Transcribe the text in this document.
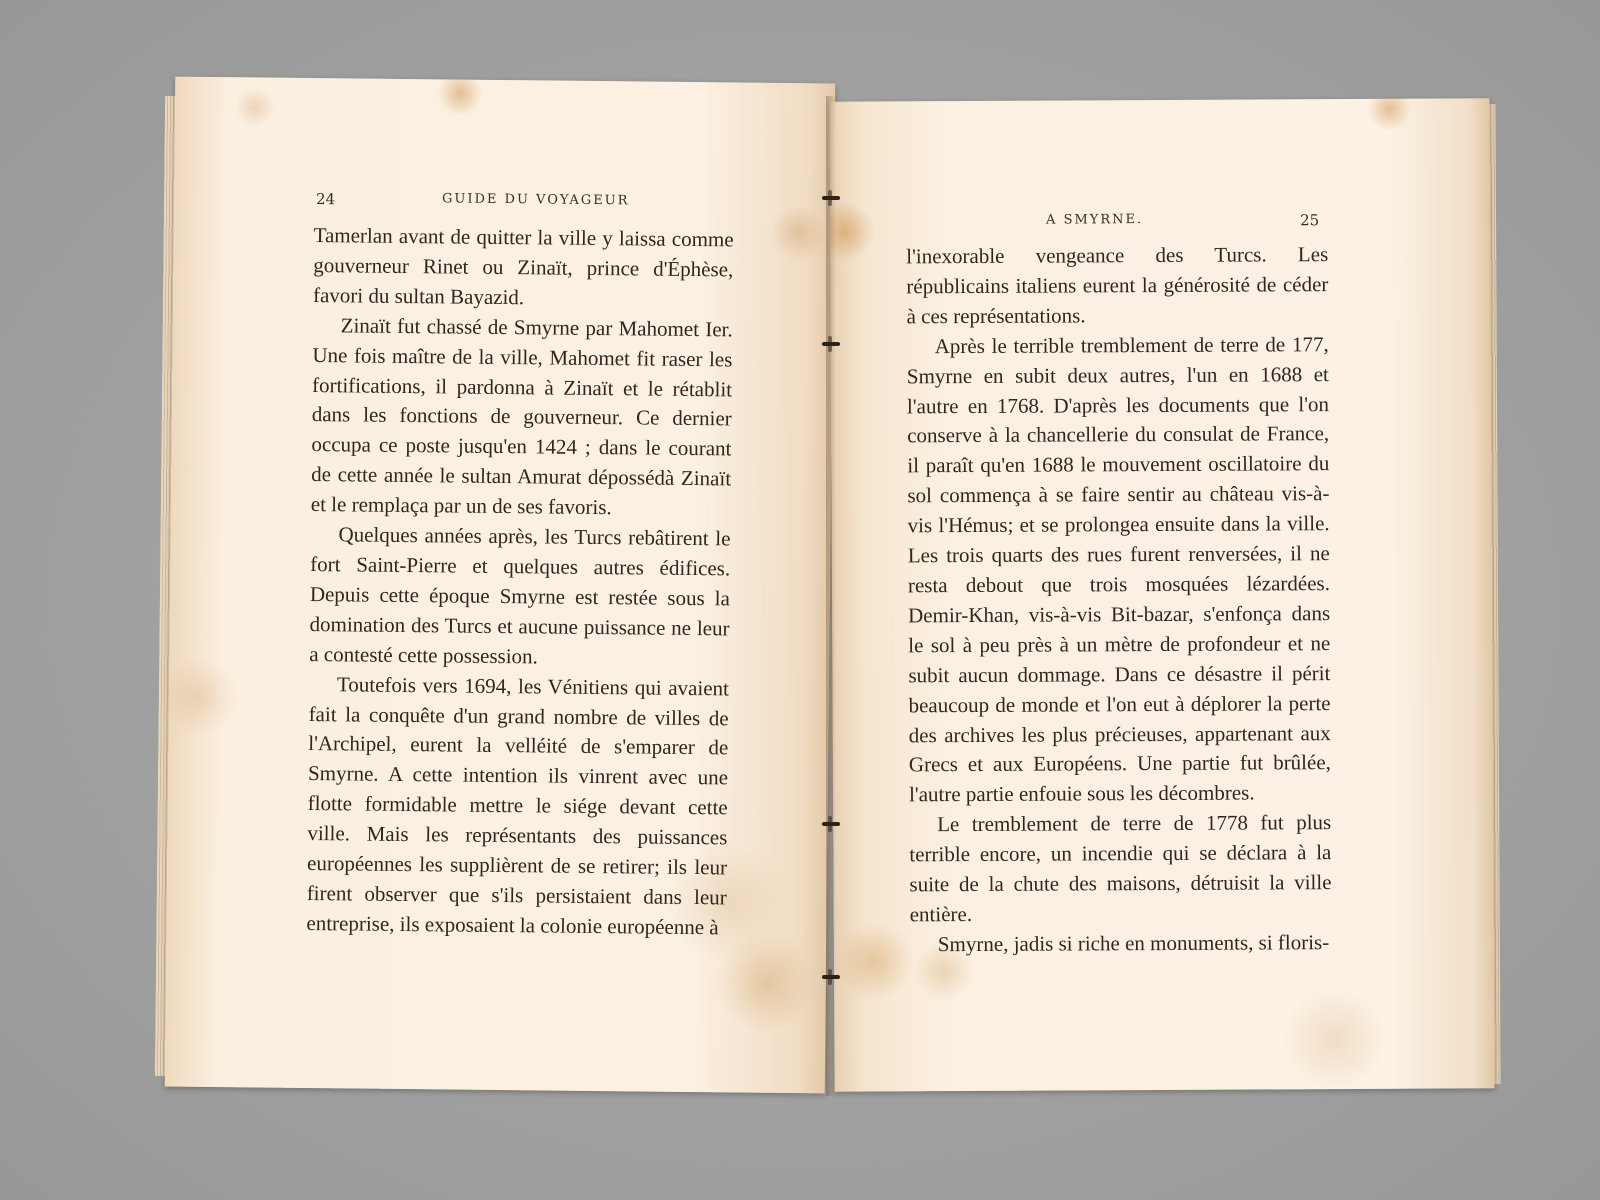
24	GUIDE DU VOYAGEUR

Tamerlan avant de quitter la ville y laissa comme gouverneur Rinet ou Zinaït, prince d'Éphèse, favori du sultan Bayazid.

Zinaït fut chassé de Smyrne par Mahomet Ier. Une fois maître de la ville, Mahomet fit raser les fortifications, il pardonna à Zinaït et le rétablit dans les fonctions de gouverneur. Ce dernier occupa ce poste jusqu'en 1424 ; dans le courant de cette année le sultan Amurat dépossédà Zinaït et le remplaça par un de ses favoris.

Quelques années après, les Turcs rebâtirent le fort Saint-Pierre et quelques autres édifices. Depuis cette époque Smyrne est restée sous la domination des Turcs et aucune puissance ne leur a contesté cette possession.

Toutefois vers 1694, les Vénitiens qui avaient fait la conquête d'un grand nombre de villes de l'Archipel, eurent la velléité de s'emparer de Smyrne. A cette intention ils vinrent avec une flotte formidable mettre le siége devant cette ville. Mais les représentants des puissances européennes les supplièrent de se retirer; ils leur firent observer que s'ils persistaient dans leur entreprise, ils exposaient la colonie européenne à

A SMYRNE.	25

l'inexorable vengeance des Turcs. Les républicains italiens eurent la générosité de céder à ces représentations.

Après le terrible tremblement de terre de 177, Smyrne en subit deux autres, l'un en 1688 et l'autre en 1768. D'après les documents que l'on conserve à la chancellerie du consulat de France, il paraît qu'en 1688 le mouvement oscillatoire du sol commença à se faire sentir au château vis-à-vis l'Hémus; et se prolongea ensuite dans la ville. Les trois quarts des rues furent renversées, il ne resta debout que trois mosquées lézardées. Demir-Khan, vis-à-vis Bit-bazar, s'enfonça dans le sol à peu près à un mètre de profondeur et ne subit aucun dommage. Dans ce désastre il périt beaucoup de monde et l'on eut à déplorer la perte des archives les plus précieuses, appartenant aux Grecs et aux Européens. Une partie fut brûlée, l'autre partie enfouie sous les décombres.

Le tremblement de terre de 1778 fut plus terrible encore, un incendie qui se déclara à la suite de la chute des maisons, détruisit la ville entière.

Smyrne, jadis si riche en monuments, si floris-
